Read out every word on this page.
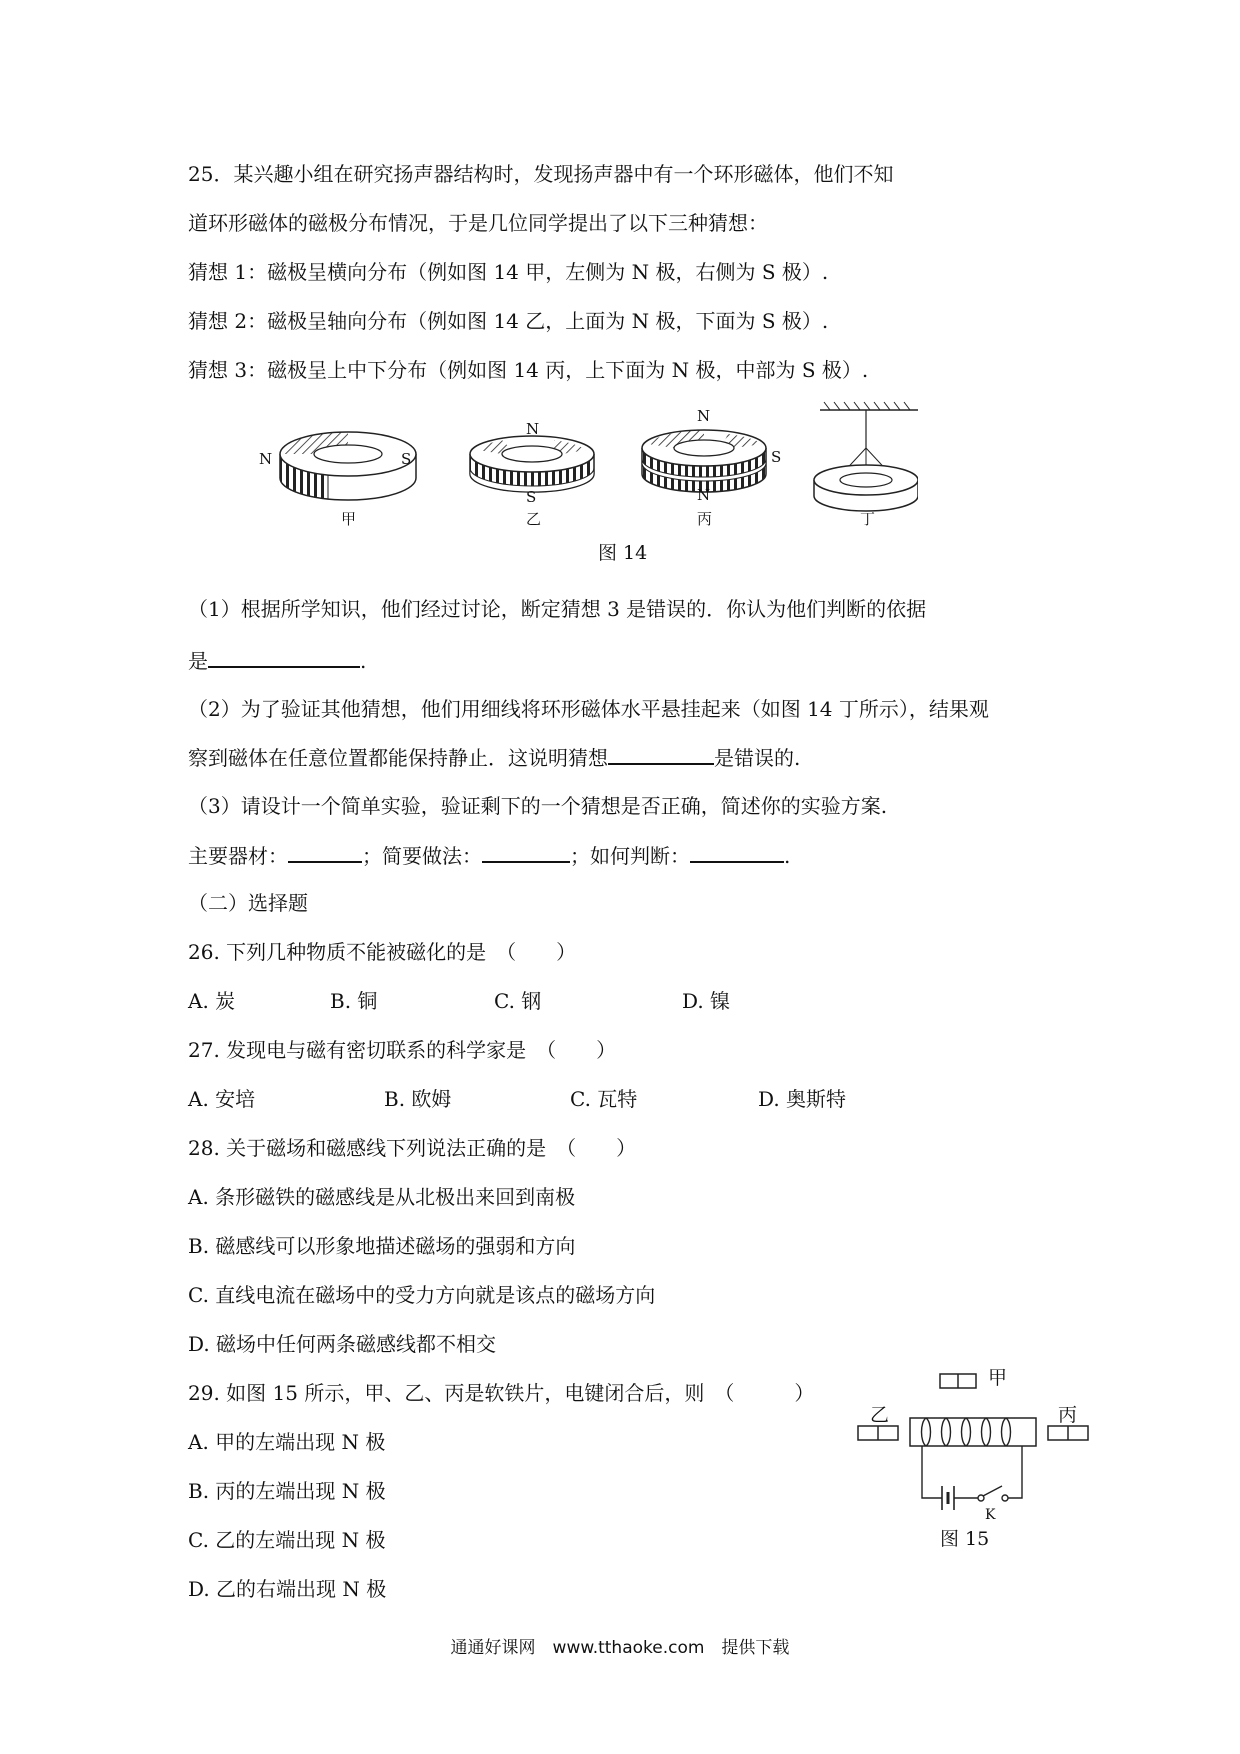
25．某兴趣小组在研究扬声器结构时，发现扬声器中有一个环形磁体，他们不知
道环形磁体的磁极分布情况，于是几位同学提出了以下三种猜想：
猜想 1：磁极呈横向分布（例如图 14 甲，左侧为 N 极，右侧为 S 极）.
猜想 2：磁极呈轴向分布（例如图 14 乙，上面为 N 极，下面为 S 极）.
猜想 3：磁极呈上中下分布（例如图 14 丙，上下面为 N 极，中部为 S 极）.
N	S
甲
N
S
乙
N
S
N
丙	丁
图 14
（1）根据所学知识，他们经过讨论，断定猜想 3 是错误的．你认为他们判断的依据
是	.
（2）为了验证其他猜想，他们用细线将环形磁体水平悬挂起来（如图 14 丁所示），结果观
察到磁体在任意位置都能保持静止．这说明猜想	是错误的.
（3）请设计一个简单实验，验证剩下的一个猜想是否正确，简述你的实验方案.
主要器材：	；简要做法：	；如何判断：	.
（二）选择题
26. 下列几种物质不能被磁化的是　（　　）
A. 炭	B. 铜	C. 钢	D. 镍
27. 发现电与磁有密切联系的科学家是　（　　）
A. 安培	B. 欧姆	C. 瓦特	D. 奥斯特
28. 关于磁场和磁感线下列说法正确的是　（　　）
A. 条形磁铁的磁感线是从北极出来回到南极
B. 磁感线可以形象地描述磁场的强弱和方向
C. 直线电流在磁场中的受力方向就是该点的磁场方向
D. 磁场中任何两条磁感线都不相交
29. 如图 15 所示，甲、乙、丙是软铁片，电键闭合后，则　（　　　）
A. 甲的左端出现 N 极
B. 丙的左端出现 N 极
C. 乙的左端出现 N 极
D. 乙的右端出现 N 极
甲
乙	丙
K
图 15
通通好课网　www.tthaoke.com　提供下载
